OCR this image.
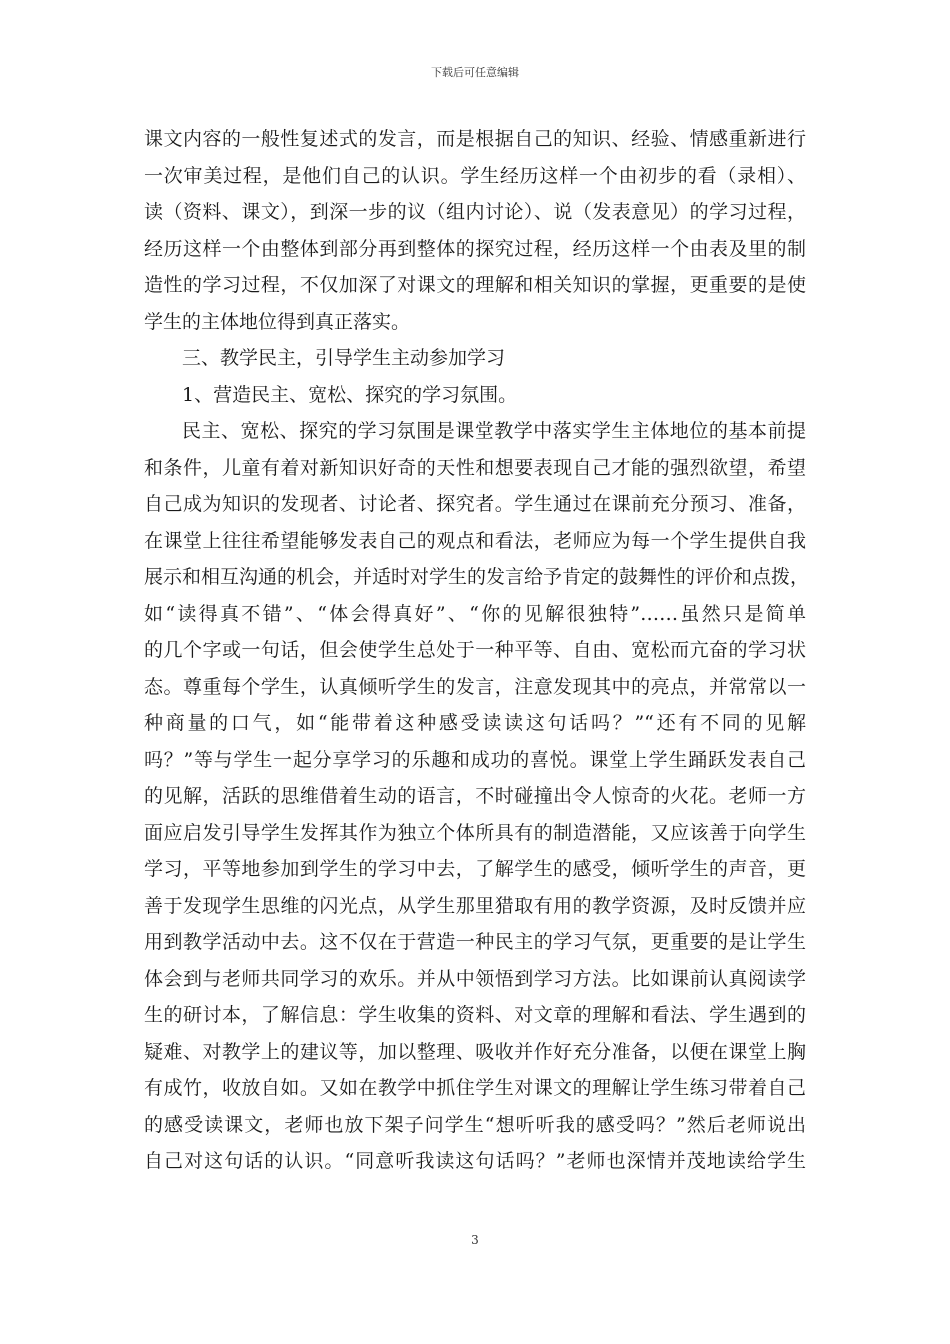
下载后可任意编辑
课文内容的一般性复述式的发言，而是根据自己的知识、经验、情感重新进行
一次审美过程，是他们自己的认识。学生经历这样一个由初步的看（录相）、
读（资料、课文），到深一步的议（组内讨论）、说（发表意见）的学习过程，
经历这样一个由整体到部分再到整体的探究过程，经历这样一个由表及里的制
造性的学习过程，不仅加深了对课文的理解和相关知识的掌握，更重要的是使
学生的主体地位得到真正落实。
三、教学民主，引导学生主动参加学习
1、营造民主、宽松、探究的学习氛围。
民主、宽松、探究的学习氛围是课堂教学中落实学生主体地位的基本前提
和条件，儿童有着对新知识好奇的天性和想要表现自己才能的强烈欲望，希望
自己成为知识的发现者、讨论者、探究者。学生通过在课前充分预习、准备，
在课堂上往往希望能够发表自己的观点和看法，老师应为每一个学生提供自我
展示和相互沟通的机会，并适时对学生的发言给予肯定的鼓舞性的评价和点拨，
如“读得真不错”、“体会得真好”、“你的见解很独特”……虽然只是简单
的几个字或一句话，但会使学生总处于一种平等、自由、宽松而亢奋的学习状
态。尊重每个学生，认真倾听学生的发言，注意发现其中的亮点，并常常以一
种商量的口气，如“能带着这种感受读读这句话吗？”“还有不同的见解
吗？”等与学生一起分享学习的乐趣和成功的喜悦。课堂上学生踊跃发表自己
的见解，活跃的思维借着生动的语言，不时碰撞出令人惊奇的火花。老师一方
面应启发引导学生发挥其作为独立个体所具有的制造潜能，又应该善于向学生
学习，平等地参加到学生的学习中去，了解学生的感受，倾听学生的声音，更
善于发现学生思维的闪光点，从学生那里猎取有用的教学资源，及时反馈并应
用到教学活动中去。这不仅在于营造一种民主的学习气氛，更重要的是让学生
体会到与老师共同学习的欢乐。并从中领悟到学习方法。比如课前认真阅读学
生的研讨本，了解信息：学生收集的资料、对文章的理解和看法、学生遇到的
疑难、对教学上的建议等，加以整理、吸收并作好充分准备，以便在课堂上胸
有成竹，收放自如。又如在教学中抓住学生对课文的理解让学生练习带着自己
的感受读课文，老师也放下架子问学生“想听听我的感受吗？”然后老师说出
自己对这句话的认识。“同意听我读这句话吗？”老师也深情并茂地读给学生
3
